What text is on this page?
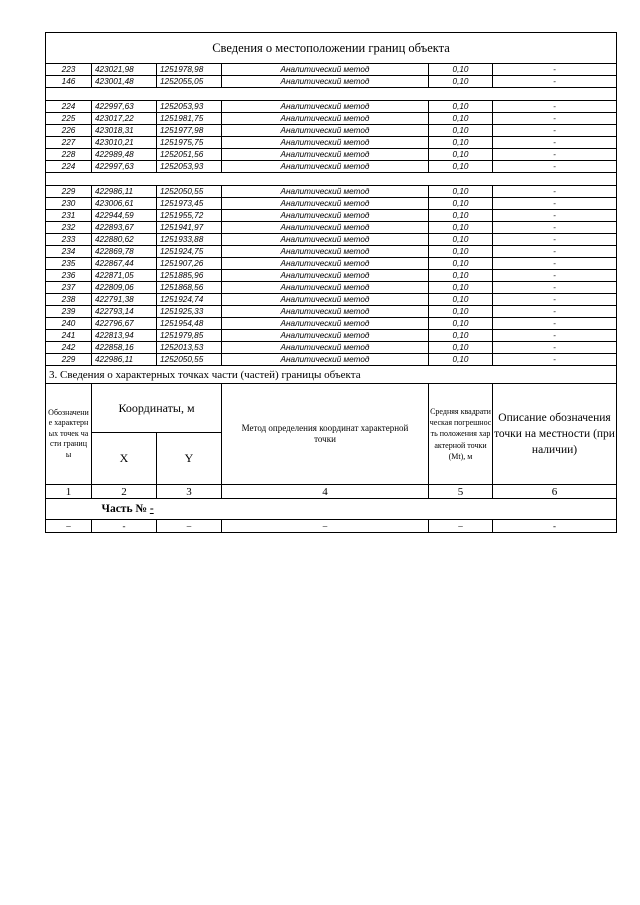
Сведения о местоположении границ объекта					
223	423021,98	1251978,98	Аналитический метод	0,10	-
146	423001,48	1252055,05	Аналитический метод	0,10	-

224	422997,63	1252053,93	Аналитический метод	0,10	-
225	423017,22	1251981,75	Аналитический метод	0,10	-
226	423018,31	1251977,98	Аналитический метод	0,10	-
227	423010,21	1251975,75	Аналитический метод	0,10	-
228	422989,48	1252051,56	Аналитический метод	0,10	-
224	422997,63	1252053,93	Аналитический метод	0,10	-

229	422986,11	1252050,55	Аналитический метод	0,10	-
230	423006,61	1251973,45	Аналитический метод	0,10	-
231	422944,59	1251955,72	Аналитический метод	0,10	-
232	422893,67	1251941,97	Аналитический метод	0,10	-
233	422880,62	1251933,88	Аналитический метод	0,10	-
234	422869,78	1251924,75	Аналитический метод	0,10	-
235	422867,44	1251907,26	Аналитический метод	0,10	-
236	422871,05	1251885,96	Аналитический метод	0,10	-
237	422809,06	1251868,56	Аналитический метод	0,10	-
238	422791,38	1251924,74	Аналитический метод	0,10	-
239	422793,14	1251925,33	Аналитический метод	0,10	-
240	422796,67	1251954,48	Аналитический метод	0,10	-
241	422813,94	1251979,85	Аналитический метод	0,10	-
242	422858,16	1252013,53	Аналитический метод	0,10	-
229	422986,11	1252050,55	Аналитический метод	0,10	-
3. Сведения о характерных точках части (частей) границы объекта					
Обозначение характерных точек части границы	Координаты, м		Метод определения координат характерной точки	Средняя квадратическая погрешность положения характерной точки (Мt), м	Описание обозначения точки на местности (при наличии)
	X	Y			
1	2	3	4	5	6
	Часть № -				
–	-	–	–	–	-
